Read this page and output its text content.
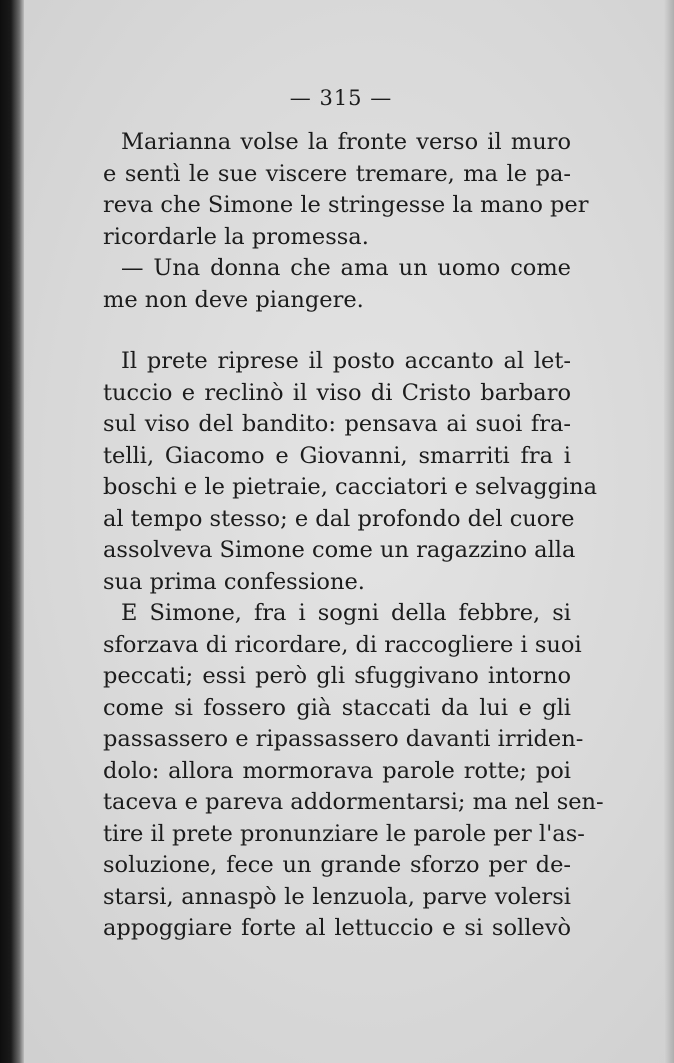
— 315 —
Marianna volse la fronte verso il muro
e sentì le sue viscere tremare, ma le pa-
reva che Simone le stringesse la mano per
ricordarle la promessa.
— Una donna che ama un uomo come
me non deve piangere.
Il prete riprese il posto accanto al let-
tuccio e reclinò il viso di Cristo barbaro
sul viso del bandito: pensava ai suoi fra-
telli, Giacomo e Giovanni, smarriti fra i
boschi e le pietraie, cacciatori e selvaggina
al tempo stesso; e dal profondo del cuore
assolveva Simone come un ragazzino alla
sua prima confessione.
E Simone, fra i sogni della febbre, si
sforzava di ricordare, di raccogliere i suoi
peccati; essi però gli sfuggivano intorno
come si fossero già staccati da lui e gli
passassero e ripassassero davanti irriden-
dolo: allora mormorava parole rotte; poi
taceva e pareva addormentarsi; ma nel sen-
tire il prete pronunziare le parole per l'as-
soluzione, fece un grande sforzo per de-
starsi, annaspò le lenzuola, parve volersi
appoggiare forte al lettuccio e si sollevò
